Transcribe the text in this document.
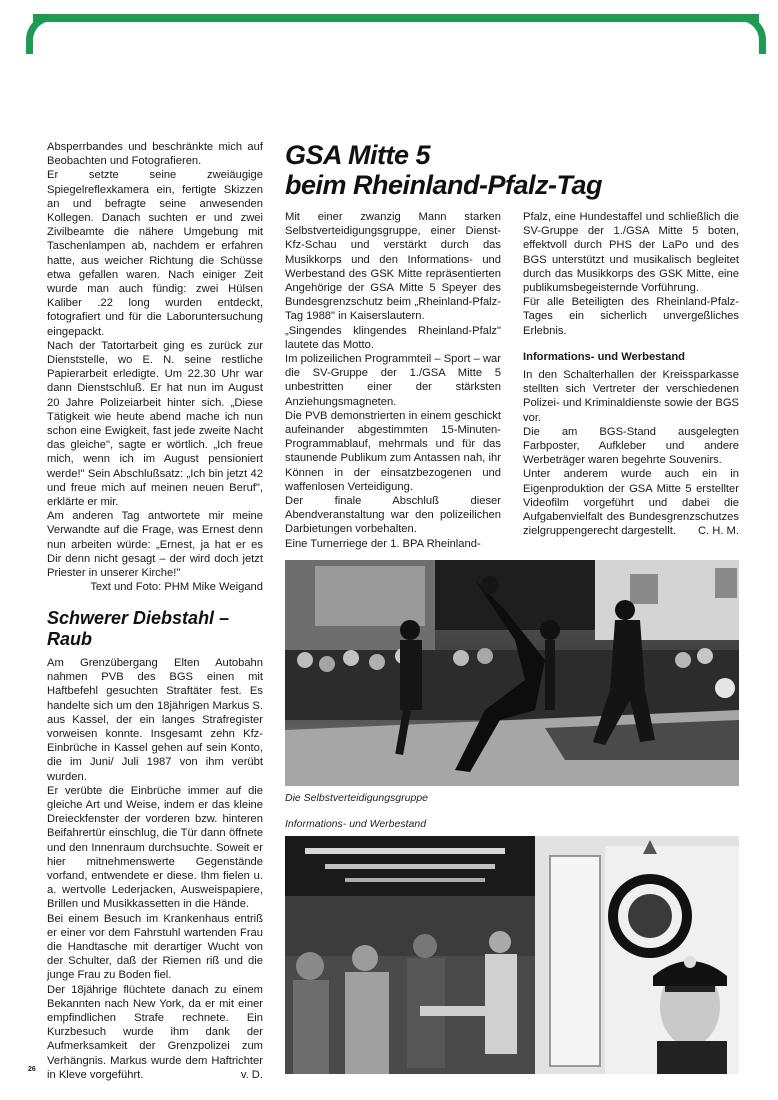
Absperrbandes und beschränkte mich auf Beobachten und Fotografieren.

Er setzte seine zweiäugige Spiegelreflexkamera ein, fertigte Skizzen an und befragte seine anwesenden Kollegen. Danach suchten er und zwei Zivilbeamte die nähere Umgebung mit Taschenlampen ab, nachdem er erfahren hatte, aus weicher Richtung die Schüsse etwa gefallen waren. Nach einiger Zeit wurde man auch fündig: zwei Hülsen Kaliber .22 long wurden entdeckt, fotografiert und für die Laboruntersuchung eingepackt.

Nach der Tatortarbeit ging es zurück zur Dienststelle, wo E. N. seine restliche Papierarbeit erledigte. Um 22.30 Uhr war dann Dienstschluß. Er hat nun im August 20 Jahre Polizeiarbeit hinter sich. „Diese Tätigkeit wie heute abend mache ich nun schon eine Ewigkeit, fast jede zweite Nacht das gleiche", sagte er wörtlich. „Ich freue mich, wenn ich im August pensioniert werde!" Sein Abschlußsatz: „Ich bin jetzt 42 und freue mich auf meinen neuen Beruf", erklärte er mir.

Am anderen Tag antwortete mir meine Verwandte auf die Frage, was Ernest denn nun arbeiten würde: „Ernest, ja hat er es Dir denn nicht gesagt – der wird doch jetzt Priester in unserer Kirche!"

Text und Foto: PHM Mike Weigand

Schwerer Diebstahl –
Raub

Am Grenzübergang Elten Autobahn nahmen PVB des BGS einen mit Haftbefehl gesuchten Straftäter fest. Es handelte sich um den 18jährigen Markus S. aus Kassel, der ein langes Strafregister vorweisen konnte. Insgesamt zehn Kfz-Einbrüche in Kassel gehen auf sein Konto, die im Juni/ Juli 1987 von ihm verübt wurden.

Er verübte die Einbrüche immer auf die gleiche Art und Weise, indem er das kleine Dreieckfenster der vorderen bzw. hinteren Beifahrertür einschlug, die Tür dann öffnete und den Innenraum durchsuchte. Soweit er hier mitnehmenswerte Gegenstände vorfand, entwendete er diese. Ihm fielen u. a. wertvolle Lederjacken, Ausweispapiere, Brillen und Musikkassetten in die Hände.

Bei einem Besuch im Krankenhaus entriß er einer vor dem Fahrstuhl wartenden Frau die Handtasche mit derartiger Wucht von der Schulter, daß der Riemen riß und die junge Frau zu Boden fiel.

Der 18jährige flüchtete danach zu einem Bekannten nach New York, da er mit einer empfindlichen Strafe rechnete. Ein Kurzbesuch wurde ihm dank der Aufmerksamkeit der Grenzpolizei zum Verhängnis. Markus wurde dem Haftrichter in Kleve vorgeführt.	v. D.

GSA Mitte 5
beim Rheinland-Pfalz-Tag

Mit einer zwanzig Mann starken Selbstverteidigungsgruppe, einer Dienst-Kfz-Schau und verstärkt durch das Musikkorps und den Informations- und Werbestand des GSK Mitte repräsentierten Angehörige der GSA Mitte 5 Speyer des Bundesgrenzschutz beim „Rheinland-Pfalz-Tag 1988" in Kaiserslautern.

„Singendes klingendes Rheinland-Pfalz" lautete das Motto.

Im polizeilichen Programmteil – Sport – war die SV-Gruppe der 1./GSA Mitte 5 unbestritten einer der stärksten Anziehungsmagneten.

Die PVB demonstrierten in einem geschickt aufeinander abgestimmten 15-Minuten-Programmablauf, mehrmals und für das staunende Publikum zum Antassen nah, ihr Können in der einsatzbezogenen und waffenlosen Verteidigung.

Der finale Abschluß dieser Abendveranstaltung war den polizeilichen Darbietungen vorbehalten.

Eine Turnerriege der 1. BPA Rheinland-

Pfalz, eine Hundestaffel und schließlich die SV-Gruppe der 1./GSA Mitte 5 boten, effektvoll durch PHS der LaPo und des BGS unterstützt und musikalisch begleitet durch das Musikkorps des GSK Mitte, eine publikumsbegeisternde Vorführung.

Für alle Beteiligten des Rheinland-Pfalz-Tages ein sicherlich unvergeßliches Erlebnis.

Informations- und Werbestand

In den Schalterhallen der Kreissparkasse stellten sich Vertreter der verschiedenen Polizei- und Kriminaldienste sowie der BGS vor.

Die am BGS-Stand ausgelegten Farbposter, Aufkleber und andere Werbeträger waren begehrte Souvenirs.

Unter anderem wurde auch ein in Eigenproduktion der GSA Mitte 5 erstellter Videofilm vorgeführt und dabei die Aufgabenvielfalt des Bundesgrenzschutzes zielgruppengerecht dargestellt.	C. H. M.

Die Selbstverteidigungsgruppe
Informations- und Werbestand
26
